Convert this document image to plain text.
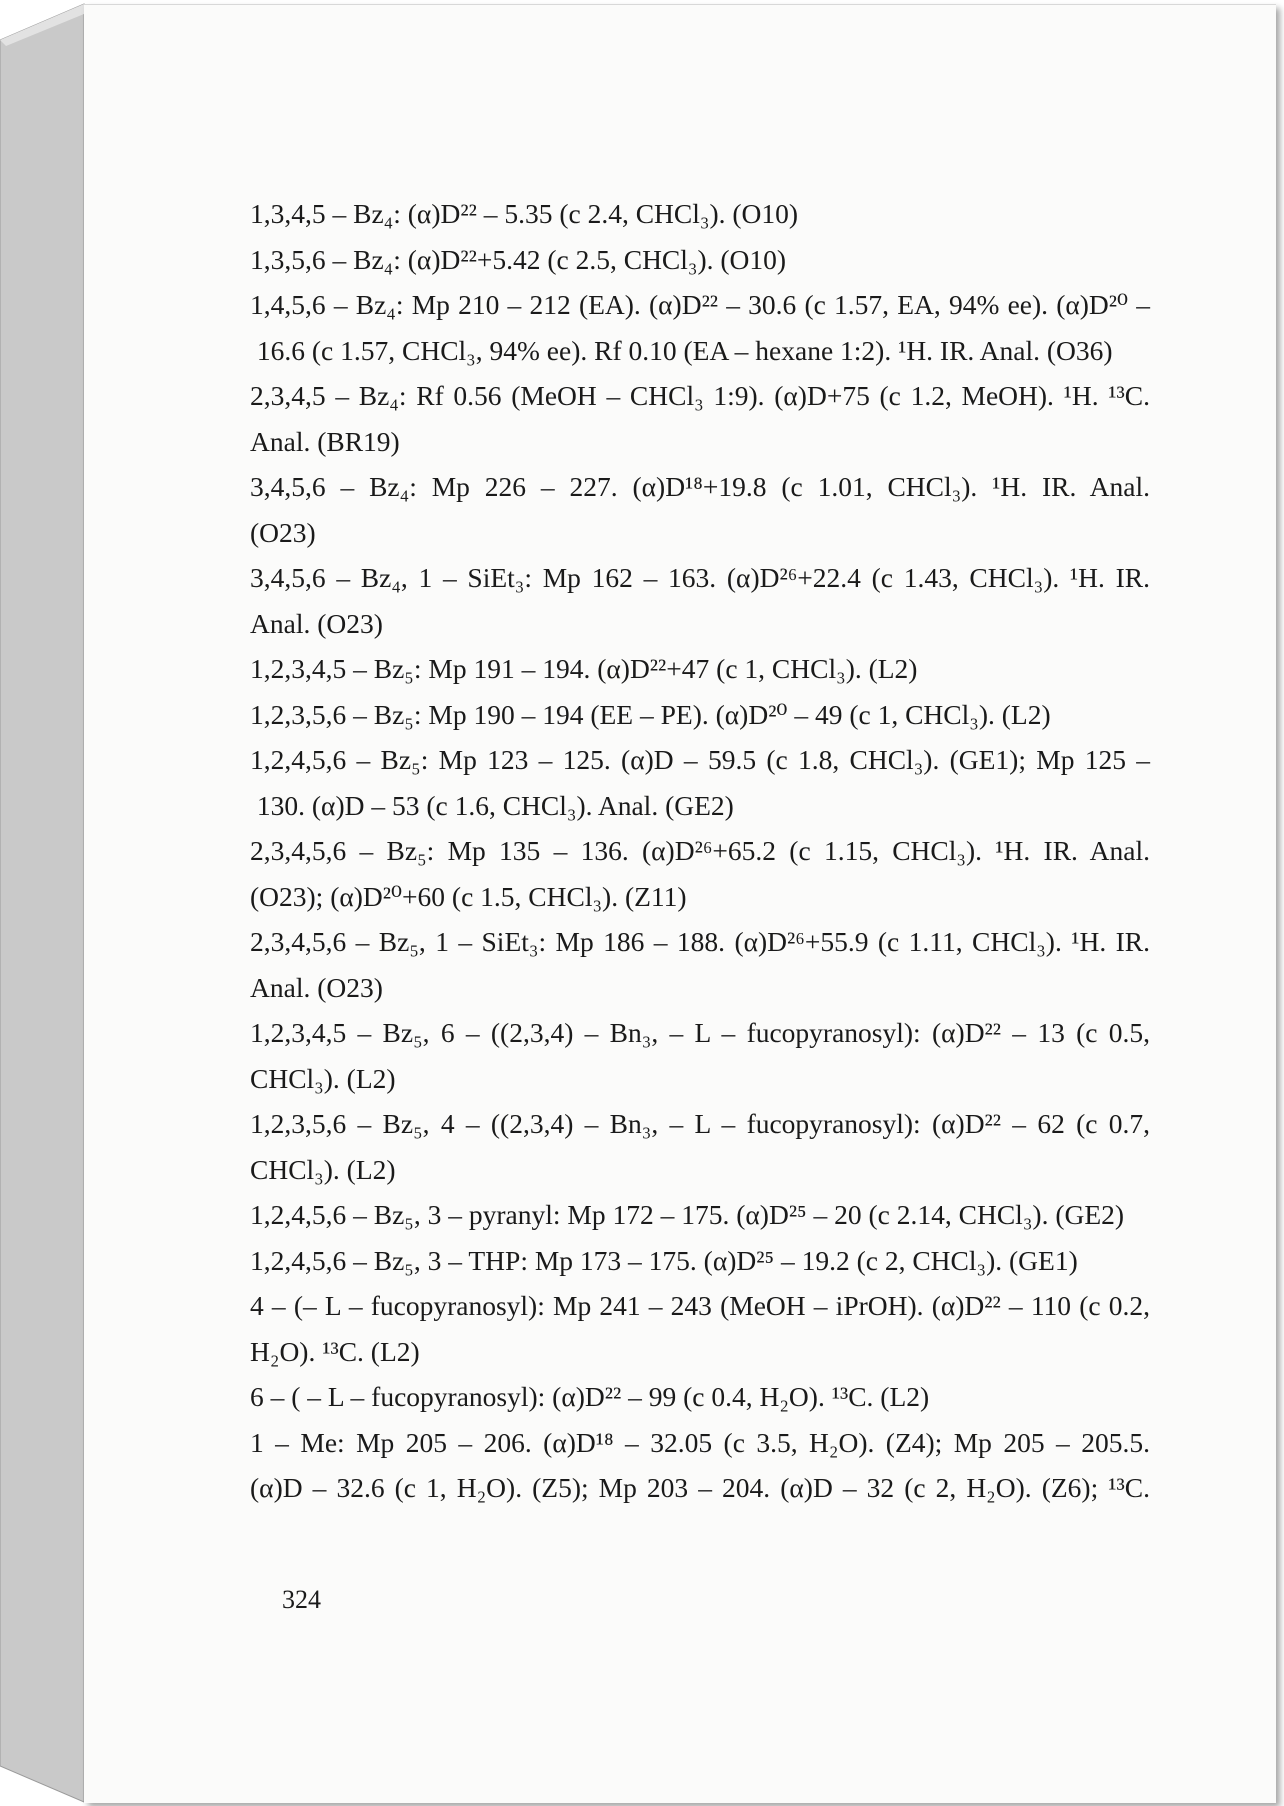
1,3,4,5 – Bz₄: (α)D²² – 5.35 (c 2.4, CHCl₃). (O10)
1,3,5,6 – Bz₄: (α)D²²+5.42 (c 2.5, CHCl₃). (O10)
1,4,5,6 – Bz₄: Mp 210 – 212 (EA). (α)D²² – 30.6 (c 1.57, EA, 94% ee). (α)D²⁰ –
16.6 (c 1.57, CHCl₃, 94% ee). Rf 0.10 (EA – hexane 1:2). ¹H. IR. Anal. (O36)
2,3,4,5 – Bz₄: Rf 0.56 (MeOH – CHCl₃ 1:9). (α)D+75 (c 1.2, MeOH). ¹H. ¹³C.
Anal. (BR19)
3,4,5,6 – Bz₄: Mp 226 – 227. (α)D¹⁸+19.8 (c 1.01, CHCl₃). ¹H. IR. Anal.
(O23)
3,4,5,6 – Bz₄, 1 – SiEt₃: Mp 162 – 163. (α)D²⁶+22.4 (c 1.43, CHCl₃). ¹H. IR.
Anal. (O23)
1,2,3,4,5 – Bz₅: Mp 191 – 194. (α)D²²+47 (c 1, CHCl₃). (L2)
1,2,3,5,6 – Bz₅: Mp 190 – 194 (EE – PE). (α)D²⁰ – 49 (c 1, CHCl₃). (L2)
1,2,4,5,6 – Bz₅: Mp 123 – 125. (α)D – 59.5 (c 1.8, CHCl₃). (GE1); Mp 125 –
130. (α)D – 53 (c 1.6, CHCl₃). Anal. (GE2)
2,3,4,5,6 – Bz₅: Mp 135 – 136. (α)D²⁶+65.2 (c 1.15, CHCl₃). ¹H. IR. Anal.
(O23); (α)D²⁰+60 (c 1.5, CHCl₃). (Z11)
2,3,4,5,6 – Bz₅, 1 – SiEt₃: Mp 186 – 188. (α)D²⁶+55.9 (c 1.11, CHCl₃). ¹H. IR.
Anal. (O23)
1,2,3,4,5 – Bz₅, 6 – ((2,3,4) – Bn₃, – L – fucopyranosyl): (α)D²² – 13 (c 0.5,
CHCl₃). (L2)
1,2,3,5,6 – Bz₅, 4 – ((2,3,4) – Bn₃, – L – fucopyranosyl): (α)D²² – 62 (c 0.7,
CHCl₃). (L2)
1,2,4,5,6 – Bz₅, 3 – pyranyl: Mp 172 – 175. (α)D²⁵ – 20 (c 2.14, CHCl₃). (GE2)
1,2,4,5,6 – Bz₅, 3 – THP: Mp 173 – 175. (α)D²⁵ – 19.2 (c 2, CHCl₃). (GE1)
4 – (– L – fucopyranosyl): Mp 241 – 243 (MeOH – iPrOH). (α)D²² – 110 (c 0.2,
H₂O). ¹³C. (L2)
6 – ( – L – fucopyranosyl): (α)D²² – 99 (c 0.4, H₂O). ¹³C. (L2)
1 – Me: Mp 205 – 206. (α)D¹⁸ – 32.05 (c 3.5, H₂O). (Z4); Mp 205 – 205.5.
(α)D – 32.6 (c 1, H₂O). (Z5); Mp 203 – 204. (α)D – 32 (c 2, H₂O). (Z6); ¹³C.
324
